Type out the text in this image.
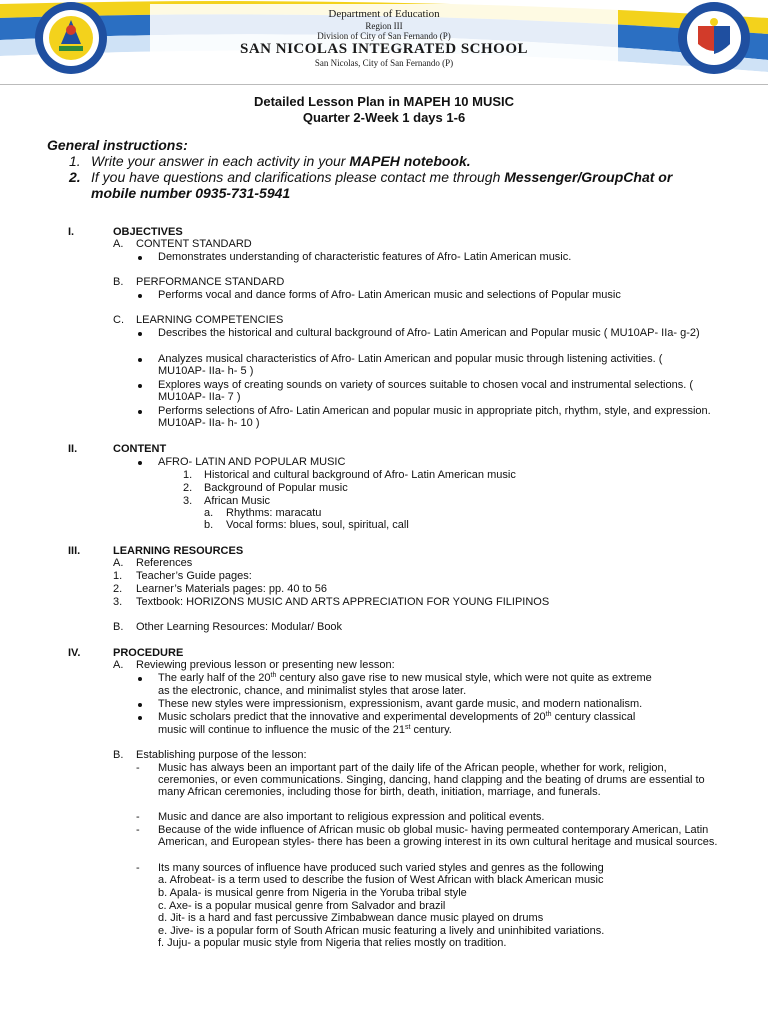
Department of Education
Region III
Division of City of San Fernando (P)
SAN NICOLAS INTEGRATED SCHOOL
San Nicolas, City of San Fernando (P)
Detailed Lesson Plan in MAPEH 10 MUSIC
Quarter 2-Week 1 days 1-6
General instructions:
1. Write your answer in each activity in your MAPEH notebook.
2. If you have questions and clarifications please contact me through Messenger/GroupChat or
mobile number 0935-731-5941
I.	OBJECTIVES
A. CONTENT STANDARD
Demonstrates understanding of characteristic features of Afro- Latin American music.
B. PERFORMANCE STANDARD
Performs vocal and dance forms of Afro- Latin American music and selections of Popular music
C. LEARNING COMPETENCIES
Describes the historical and cultural background of Afro- Latin American and Popular music ( MU10AP- IIa- g-2)
Analyzes musical characteristics of Afro- Latin American and popular music through listening activities. ( MU10AP- IIa- h- 5 )
Explores ways of creating sounds on variety of sources suitable to chosen vocal and instrumental selections. ( MU10AP- IIa- 7 )
Performs selections of Afro- Latin American and popular music in appropriate pitch, rhythm, style, and expression. MU10AP- IIa- h- 10 )
II.	CONTENT
AFRO- LATIN AND POPULAR MUSIC
1. Historical and cultural background of Afro- Latin American music
2. Background of Popular music
3. African Music
a. Rhythms: maracatu
b. Vocal forms: blues, soul, spiritual, call
III.	LEARNING RESOURCES
A. References
1. Teacher’s Guide pages:
2. Learner’s Materials pages: pp. 40 to 56
3. Textbook: HORIZONS MUSIC AND ARTS APPRECIATION FOR YOUNG FILIPINOS
B. Other Learning Resources: Modular/ Book
IV.	PROCEDURE
A. Reviewing previous lesson or presenting new lesson:
The early half of the 20th century also gave rise to new musical style, which were not quite as extreme
as the electronic, chance, and minimalist styles that arose later.
These new styles were impressionism, expressionism, avant garde music, and modern nationalism.
Music scholars predict that the innovative and experimental developments of 20th century classical
music will continue to influence the music of the 21st century.
B. Establishing purpose of the lesson:
- Music has always been an important part of the daily life of the African people, whether for work, religion, ceremonies, or even communications. Singing, dancing, hand clapping and the beating of drums are essential to many African ceremonies, including those for birth, death, initiation, marriage, and funerals.
- Music and dance are also important to religious expression and political events.
- Because of the wide influence of African music ob global music- having permeated contemporary American, Latin American, and European styles- there has been a growing interest in its own cultural heritage and musical sources.
- Its many sources of influence have produced such varied styles and genres as the following
a. Afrobeat- is a term used to describe the fusion of West African with black American music
b. Apala- is musical genre from Nigeria in the Yoruba tribal style
c. Axe- is a popular musical genre from Salvador and brazil
d. Jit- is a hard and fast percussive Zimbabwean dance music played on drums
e. Jive- is a popular form of South African music featuring a lively and uninhibited variations.
f. Juju- a popular music style from Nigeria that relies mostly on tradition.
